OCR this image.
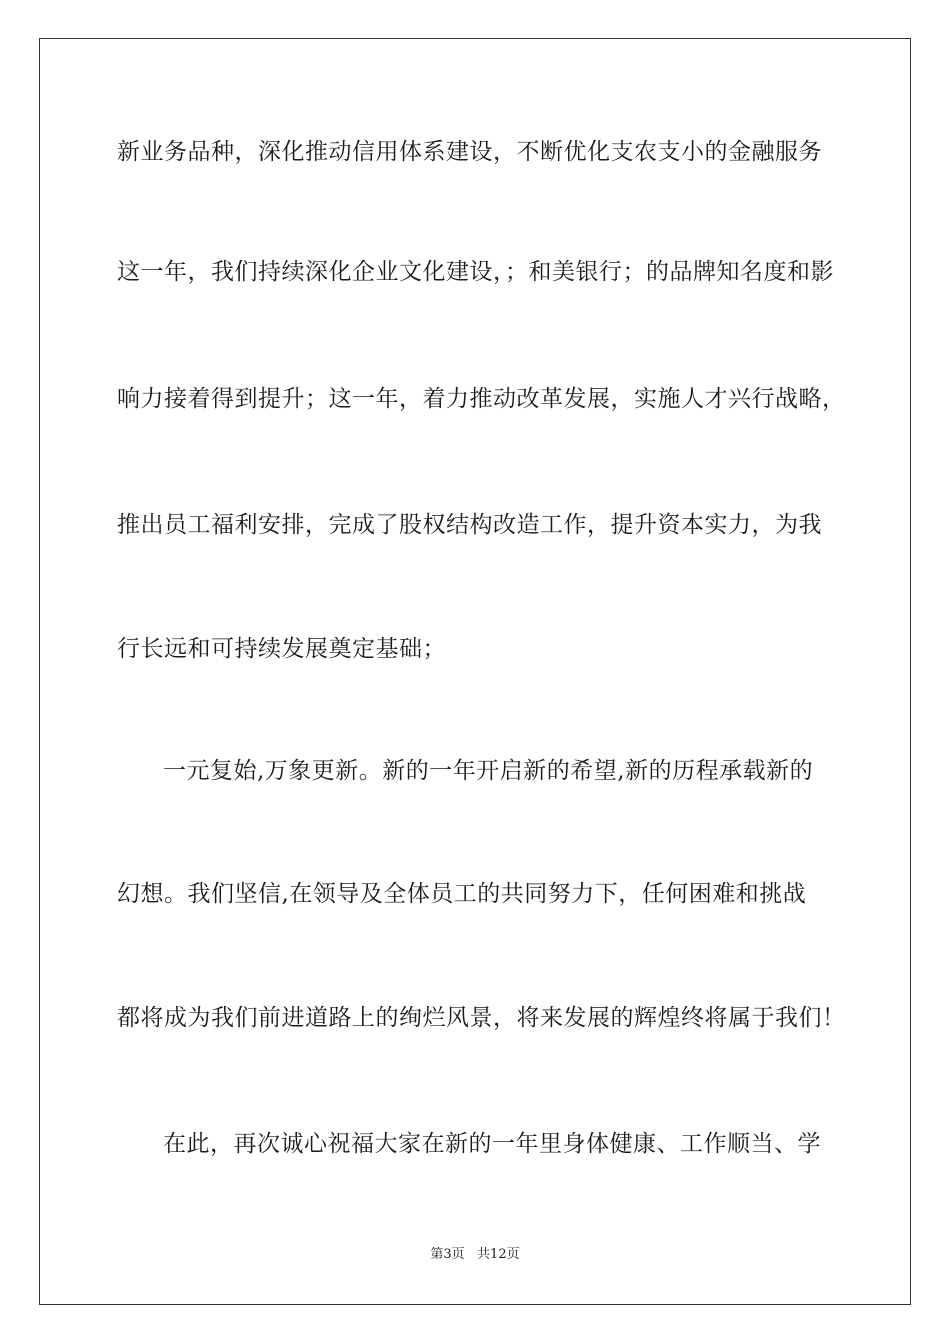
新业务品种，深化推动信用体系建设，不断优化支农支小的金融服务
这一年，我们持续深化企业文化建设，；和美银行；的品牌知名度和影
响力接着得到提升；这一年，着力推动改革发展，实施人才兴行战略，
推出员工福利安排，完成了股权结构改造工作，提升资本实力，为我
行长远和可持续发展奠定基础；
一元复始,万象更新。新的一年开启新的希望,新的历程承载新的
幻想。我们坚信,在领导及全体员工的共同努力下，任何困难和挑战
都将成为我们前进道路上的绚烂风景，将来发展的辉煌终将属于我们！
在此，再次诚心祝福大家在新的一年里身体健康、工作顺当、学
第3页   共12页
